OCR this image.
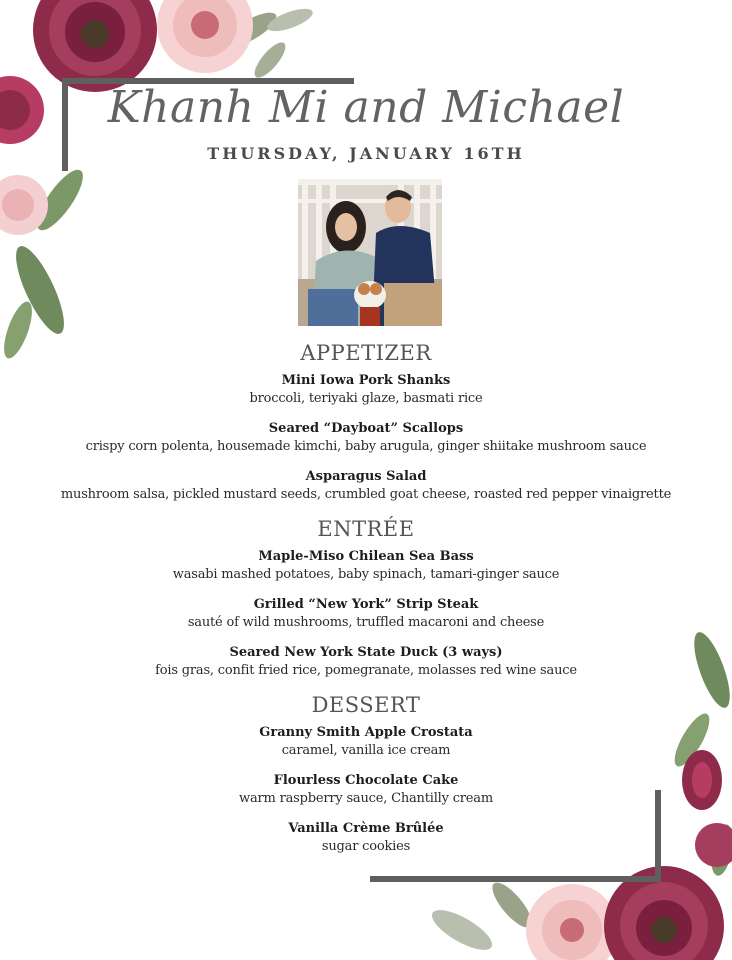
Khanh Mi and Michael
THURSDAY, JANUARY 16TH
APPETIZER
Mini Iowa Pork Shanks
broccoli, teriyaki glaze, basmati rice
Seared “Dayboat” Scallops
crispy corn polenta, housemade kimchi, baby arugula, ginger shiitake mushroom sauce
Asparagus Salad
mushroom salsa, pickled mustard seeds, crumbled goat cheese, roasted red pepper vinaigrette
ENTRÉE
Maple-Miso Chilean Sea Bass
wasabi mashed potatoes, baby spinach, tamari-ginger sauce
Grilled “New York” Strip Steak
sauté of wild mushrooms, truffled macaroni and cheese
Seared New York State Duck (3 ways)
fois gras, confit fried rice, pomegranate, molasses red wine sauce
DESSERT
Granny Smith Apple Crostata
caramel, vanilla ice cream
Flourless Chocolate Cake
warm raspberry sauce, Chantilly cream
Vanilla Crème Brûlée
sugar cookies
